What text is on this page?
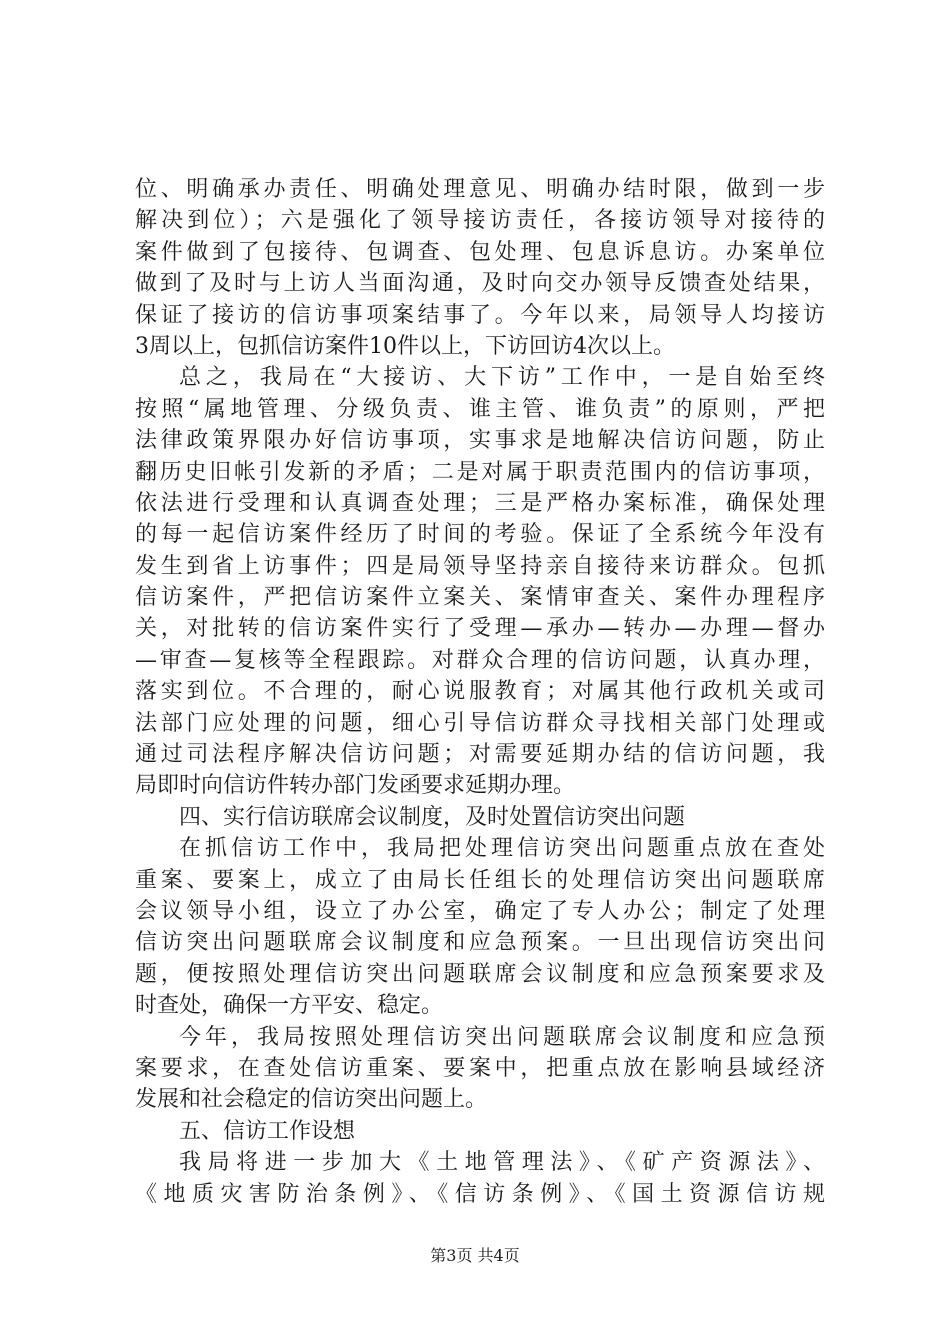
位、明确承办责任、明确处理意见、明确办结时限，做到一步
解决到位）；六是强化了领导接访责任，各接访领导对接待的
案件做到了包接待、包调查、包处理、包息诉息访。办案单位
做到了及时与上访人当面沟通，及时向交办领导反馈查处结果，
保证了接访的信访事项案结事了。今年以来，局领导人均接访
3周以上，包抓信访案件10件以上，下访回访4次以上。
总之，我局在“大接访、大下访”工作中，一是自始至终
按照“属地管理、分级负责、谁主管、谁负责”的原则，严把
法律政策界限办好信访事项，实事求是地解决信访问题，防止
翻历史旧帐引发新的矛盾；二是对属于职责范围内的信访事项，
依法进行受理和认真调查处理；三是严格办案标准，确保处理
的每一起信访案件经历了时间的考验。保证了全系统今年没有
发生到省上访事件；四是局领导坚持亲自接待来访群众。包抓
信访案件，严把信访案件立案关、案情审查关、案件办理程序
关，对批转的信访案件实行了受理—承办—转办—办理—督办
—审查—复核等全程跟踪。对群众合理的信访问题，认真办理，
落实到位。不合理的，耐心说服教育；对属其他行政机关或司
法部门应处理的问题，细心引导信访群众寻找相关部门处理或
通过司法程序解决信访问题；对需要延期办结的信访问题，我
局即时向信访件转办部门发函要求延期办理。
四、实行信访联席会议制度，及时处置信访突出问题
在抓信访工作中，我局把处理信访突出问题重点放在查处
重案、要案上，成立了由局长任组长的处理信访突出问题联席
会议领导小组，设立了办公室，确定了专人办公；制定了处理
信访突出问题联席会议制度和应急预案。一旦出现信访突出问
题，便按照处理信访突出问题联席会议制度和应急预案要求及
时查处，确保一方平安、稳定。
今年，我局按照处理信访突出问题联席会议制度和应急预
案要求，在查处信访重案、要案中，把重点放在影响县域经济
发展和社会稳定的信访突出问题上。
五、信访工作设想
我局将进一步加大《土地管理法》、《矿产资源法》、
《地质灾害防治条例》、《信访条例》、《国土资源信访规
第3页 共4页
